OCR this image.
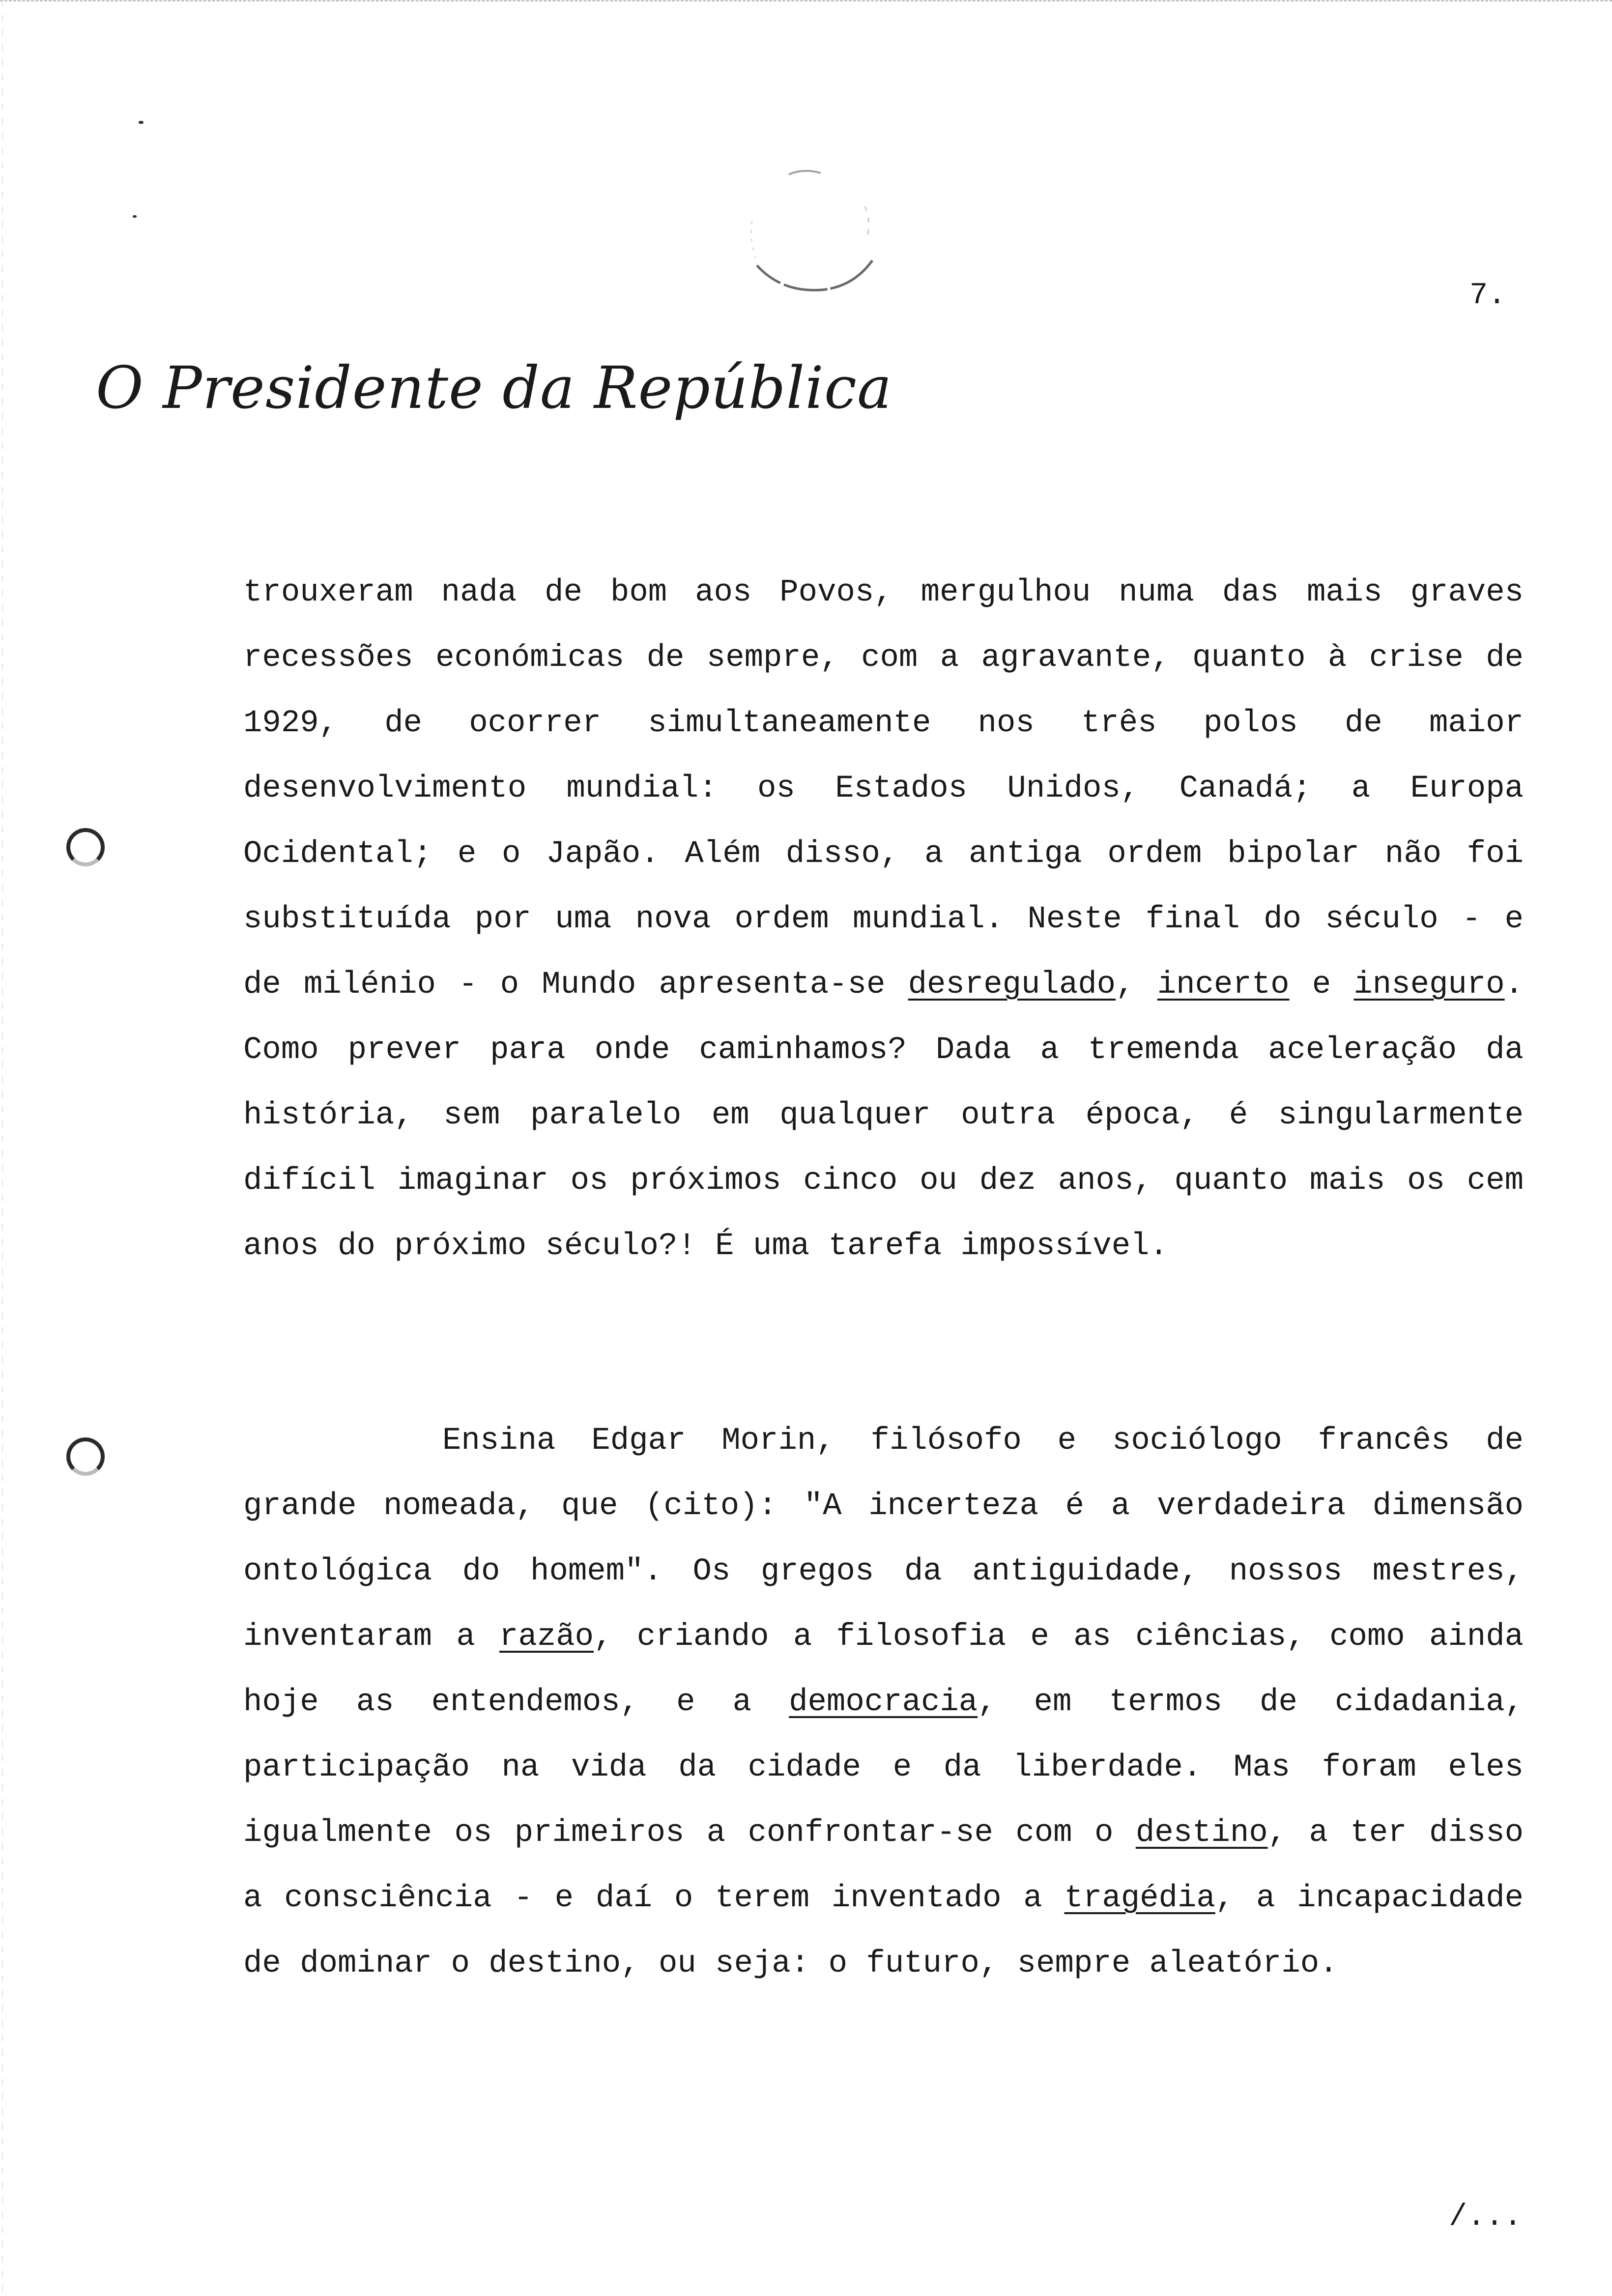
7.
O Presidente da República

trouxeram nada de bom aos Povos, mergulhou numa das mais graves recessões económicas de sempre, com a agravante, quanto à crise de 1929, de ocorrer simultaneamente nos três polos de maior desenvolvimento mundial: os Estados Unidos, Canadá; a Europa Ocidental; e o Japão. Além disso, a antiga ordem bipolar não foi substituída por uma nova ordem mundial. Neste final do século - e de milénio - o Mundo apresenta-se desregulado, incerto e inseguro. Como prever para onde caminhamos? Dada a tremenda aceleração da história, sem paralelo em qualquer outra época, é singularmente difícil imaginar os próximos cinco ou dez anos, quanto mais os cem anos do próximo século?! É uma tarefa impossível.

Ensina Edgar Morin, filósofo e sociólogo francês de grande nomeada, que (cito): "A incerteza é a verdadeira dimensão ontológica do homem". Os gregos da antiguidade, nossos mestres, inventaram a razão, criando a filosofia e as ciências, como ainda hoje as entendemos, e a democracia, em termos de cidadania, participação na vida da cidade e da liberdade. Mas foram eles igualmente os primeiros a confrontar-se com o destino, a ter disso a consciência - e daí o terem inventado a tragédia, a incapacidade de dominar o destino, ou seja: o futuro, sempre aleatório.

/...
